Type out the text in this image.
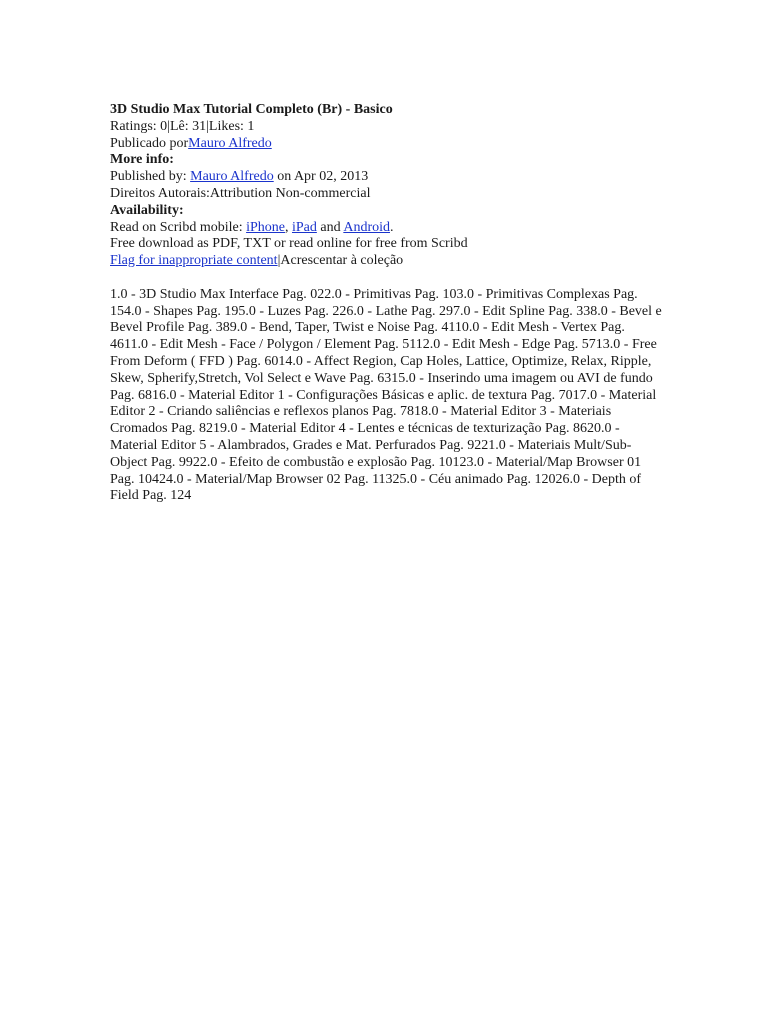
3D Studio Max Tutorial Completo (Br) - Basico
Ratings: 0|Lê: 31|Likes: 1
Publicado porMauro Alfredo
More info:
Published by: Mauro Alfredo on Apr 02, 2013
Direitos Autorais:Attribution Non-commercial
Availability:
Read on Scribd mobile: iPhone, iPad and Android.
Free download as PDF, TXT or read online for free from Scribd
Flag for inappropriate content|Acrescentar à coleção
1.0 - 3D Studio Max Interface Pag. 022.0 - Primitivas Pag. 103.0 - Primitivas Complexas Pag. 154.0 - Shapes Pag. 195.0 - Luzes Pag. 226.0 - Lathe Pag. 297.0 - Edit Spline Pag. 338.0 - Bevel e Bevel Profile Pag. 389.0 - Bend, Taper, Twist e Noise Pag. 4110.0 - Edit Mesh - Vertex Pag. 4611.0 - Edit Mesh - Face / Polygon / Element Pag. 5112.0 - Edit Mesh - Edge Pag. 5713.0 - Free From Deform ( FFD ) Pag. 6014.0 - Affect Region, Cap Holes, Lattice, Optimize, Relax, Ripple, Skew, Spherify,Stretch, Vol Select e Wave Pag. 6315.0 - Inserindo uma imagem ou AVI de fundo Pag. 6816.0 - Material Editor 1 - Configurações Básicas e aplic. de textura Pag. 7017.0 - Material Editor 2 - Criando saliências e reflexos planos Pag. 7818.0 - Material Editor 3 - Materiais Cromados Pag. 8219.0 - Material Editor 4 - Lentes e técnicas de texturização Pag. 8620.0 - Material Editor 5 - Alambrados, Grades e Mat. Perfurados Pag. 9221.0 - Materiais Mult/Sub-Object Pag. 9922.0 - Efeito de combustão e explosão Pag. 10123.0 - Material/Map Browser 01 Pag. 10424.0 - Material/Map Browser 02 Pag. 11325.0 - Céu animado Pag. 12026.0 - Depth of Field Pag. 124
